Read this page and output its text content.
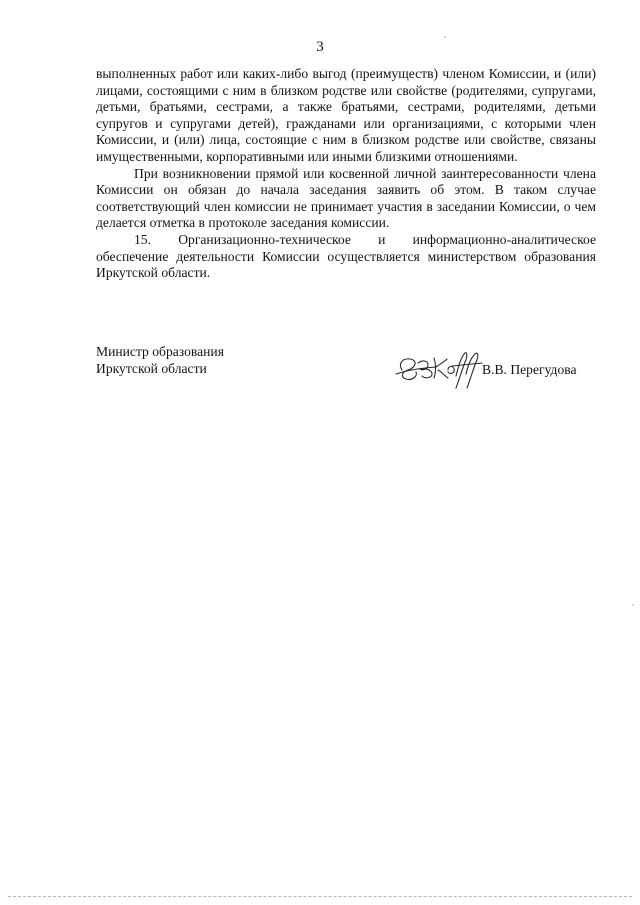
3

выполненных работ или каких-либо выгод (преимуществ) членом Комиссии, и (или) лицами, состоящими с ним в близком родстве или свойстве (родителями, супругами, детьми, братьями, сестрами, а также братьями, сестрами, родителями, детьми супругов и супругами детей), гражданами или организациями, с которыми член Комиссии, и (или) лица, состоящие с ним в близком родстве или свойстве, связаны имущественными, корпоративными или иными близкими отношениями.

При возникновении прямой или косвенной личной заинтересованности члена Комиссии он обязан до начала заседания заявить об этом. В таком случае соответствующий член комиссии не принимает участия в заседании Комиссии, о чем делается отметка в протоколе заседания комиссии.

15. Организационно-техническое и информационно-аналитическое обеспечение деятельности Комиссии осуществляется министерством образования Иркутской области.

Министр образования
Иркутской области	В.В. Перегудова
